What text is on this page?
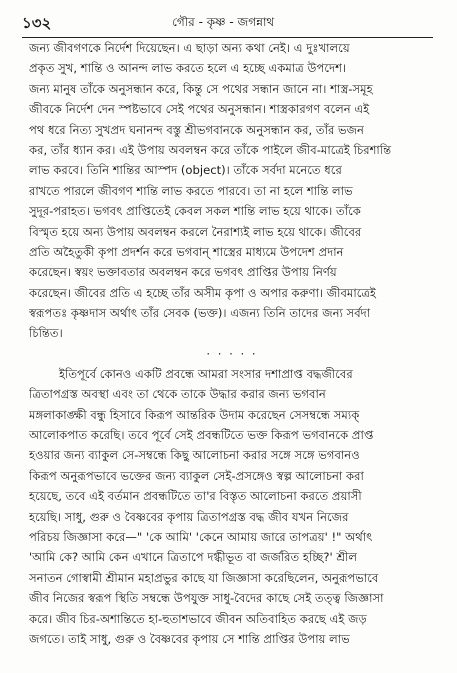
১৩২	গৌর - কৃষ্ণ - জগন্নাথ
জন্য জীবগণকে নির্দেশ দিয়েছেন। এ ছাড়া অন্য কথা নেই। এ দুঃখালয়ে
প্রকৃত সুখ, শান্তি ও আনন্দ লাভ করতে হলে এ হচ্ছে একমাত্র উপদেশ।
জন্য মানুষ তাঁকে অনুসন্ধান করে, কিন্তু সে পথের সন্ধান জানে না। শাস্ত্র-সমূহ
জীবকে নির্দেশ দেন স্পষ্টভাবে সেই পথের অনুসন্ধান। শাস্ত্রকারগণ বলেন এই
পথ ধরে নিত্য সুখপ্রদ ঘনানন্দ বস্তু শ্রীভগবানকে অনুসন্ধান কর, তাঁর ভজন
কর, তাঁর ধ্যান কর। এই উপায় অবলম্বন করে তাঁকে পাইলে জীব-মাত্রেই চিরশান্তি
লাভ করবে। তিনি শান্তির আস্পদ (object)। তাঁকে সর্বদা মনেতে ধরে
রাখতে পারলে জীবগণ শান্তি লাভ করতে পারবে। তা না হলে শান্তি লাভ
সুদূর-পরাহত। ভগবৎ প্রাপ্তিতেই কেবল সকল শান্তি লাভ হয়ে থাকে। তাঁকে
বিস্মৃত হয়ে অন্য উপায় অবলম্বন করলে নৈরাশ্যই লাভ হয়ে থাকে। জীবের
প্রতি অহৈতুকী কৃপা প্রদর্শন করে ভগবান্ শাস্ত্রের মাধ্যমে উপদেশ প্রদান
করেছেন। স্বয়ং ভক্তাবতার অবলম্বন করে ভগবৎ প্রাপ্তির উপায় নির্ণয়
করেছেন। জীবের প্রতি এ হচ্ছে তাঁর অসীম কৃপা ও অপার করুণা। জীবমাত্রেই
স্বরূপতঃ কৃষ্ণদাস অর্থাৎ তাঁর সেবক (ভক্ত)। এজন্য তিনি তাদের জন্য সর্বদা
চিন্তিত।
· · · · ·
ইতিপূর্বে কোনও একটি প্রবন্ধে আমরা সংসার দশাপ্রাপ্ত বদ্ধজীবের
ত্রিতাপগ্রস্ত অবস্থা এবং তা থেকে তাকে উদ্ধার করার জন্য ভগবান
মঙ্গলাকাঙ্ক্ষী বন্ধু হিসাবে কিরূপ আন্তরিক উদাম করেছেন সেসম্বন্ধে সম্যক্
আলোকপাত করেছি। তবে পূর্বে সেই প্রবন্ধটিতে ভক্ত কিরূপ ভগবানকে প্রাপ্ত
হওয়ার জন্য ব্যাকুল সে-সম্বন্ধে কিছু আলোচনা করার সঙ্গে সঙ্গে ভগবানও
কিরূপ অনুরূপভাবে ভক্তের জন্য ব্যাকুল সেই-প্রসঙ্গেও স্বল্প আলোচনা করা
হয়েছে, তবে এই বর্তমান প্রবন্ধটিতে তা'র বিস্তৃত আলোচনা করতে প্রয়াসী
হয়েছি। সাধু, গুরু ও বৈষ্ণবের কৃপায় ত্রিতাপগ্রস্ত বদ্ধ জীব যখন নিজের
পরিচয় জিজ্ঞাসা করে—" 'কে আমি' 'কেনে আমায় জারে তাপত্রয়' !" অর্থাৎ
'আমি কে? আমি কেন এখানে ত্রিতাপে দগ্ধীভূত বা জর্জরিত হচ্ছি?' শ্রীল
সনাতন গোস্বামী শ্রীমান মহাপ্রভুর কাছে যা জিজ্ঞাসা করেছিলেন, অনুরূপভাবে
জীব নিজের স্বরূপ স্থিতি সম্বন্ধে উপযুক্ত সাধু-বৈদের কাছে সেই তত্ত্ব জিজ্ঞাসা
করে। জীব চির-অশান্তিতে হা-হুতাশভাবে জীবন অতিবাহিত করছে এই জড়
জগতে। তাই সাধু, গুরু ও বৈষ্ণবের কৃপায় সে শান্তি প্রাপ্তির উপায় লাভ
